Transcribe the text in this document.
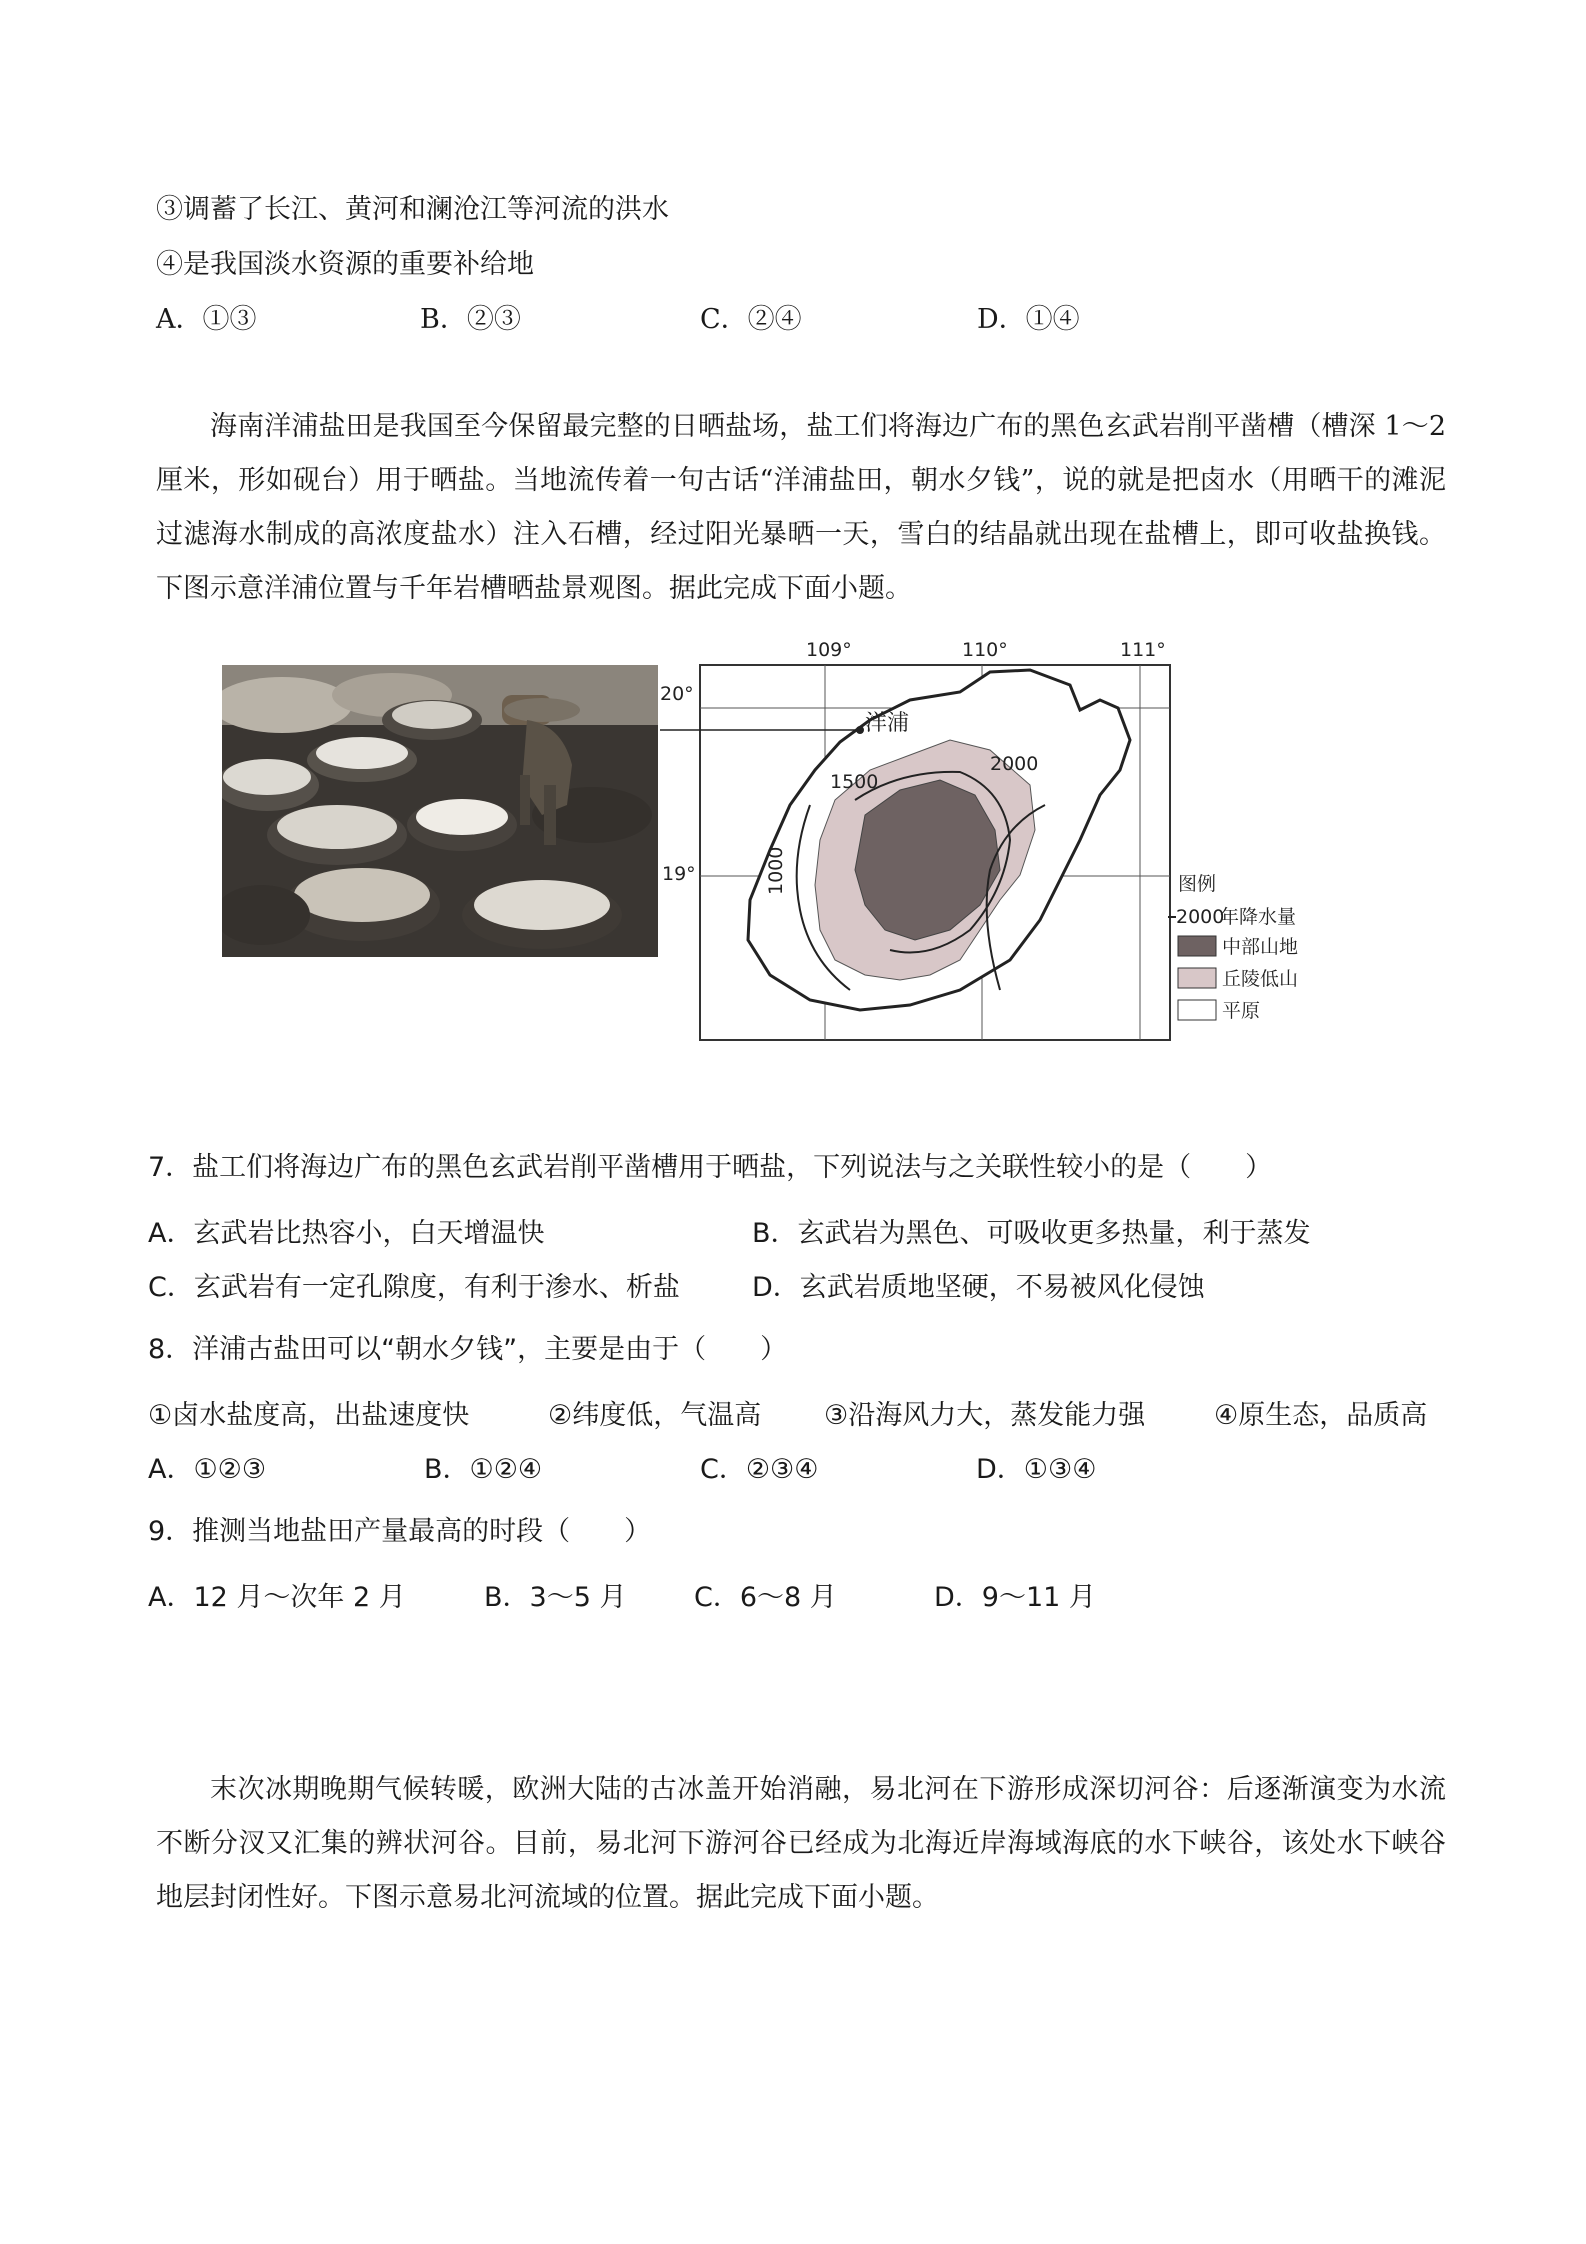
③调蓄了长江、黄河和澜沧江等河流的洪水
④是我国淡水资源的重要补给地
A．①③	B．②③	C．②④	D．①④
海南洋浦盐田是我国至今保留最完整的日晒盐场，盐工们将海边广布的黑色玄武岩削平凿槽（槽深 1～2 厘米，形如砚台）用于晒盐。当地流传着一句古话“洋浦盐田，朝水夕钱”，说的就是把卤水（用晒干的滩泥过滤海水制成的高浓度盐水）注入石槽，经过阳光暴晒一天，雪白的结晶就出现在盐槽上，即可收盐换钱。下图示意洋浦位置与千年岩槽晒盐景观图。据此完成下面小题。
109°	110°	111°
20°
19°
洋浦
1500
2000
1000	图例
2000
年降水量
中部山地
丘陵低山
平原
7．盐工们将海边广布的黑色玄武岩削平凿槽用于晒盐，下列说法与之关联性较小的是（　　）
A．玄武岩比热容小，白天增温快	B．玄武岩为黑色、可吸收更多热量，利于蒸发
C．玄武岩有一定孔隙度，有利于渗水、析盐	D．玄武岩质地坚硬，不易被风化侵蚀
8．洋浦古盐田可以“朝水夕钱”，主要是由于（　　）
①卤水盐度高，出盐速度快	②纬度低，气温高 ③沿海风力大，蒸发能力强	④原生态，品质高
A．①②③	B．①②④	C．②③④	D．①③④
9．推测当地盐田产量最高的时段（　　）
A．12 月～次年 2 月	B．3～5 月	C．6～8 月	D．9～11 月
末次冰期晚期气候转暖，欧洲大陆的古冰盖开始消融，易北河在下游形成深切河谷：后逐渐演变为水流不断分汊又汇集的辨状河谷。目前，易北河下游河谷已经成为北海近岸海域海底的水下峡谷，该处水下峡谷地层封闭性好。下图示意易北河流域的位置。据此完成下面小题。
